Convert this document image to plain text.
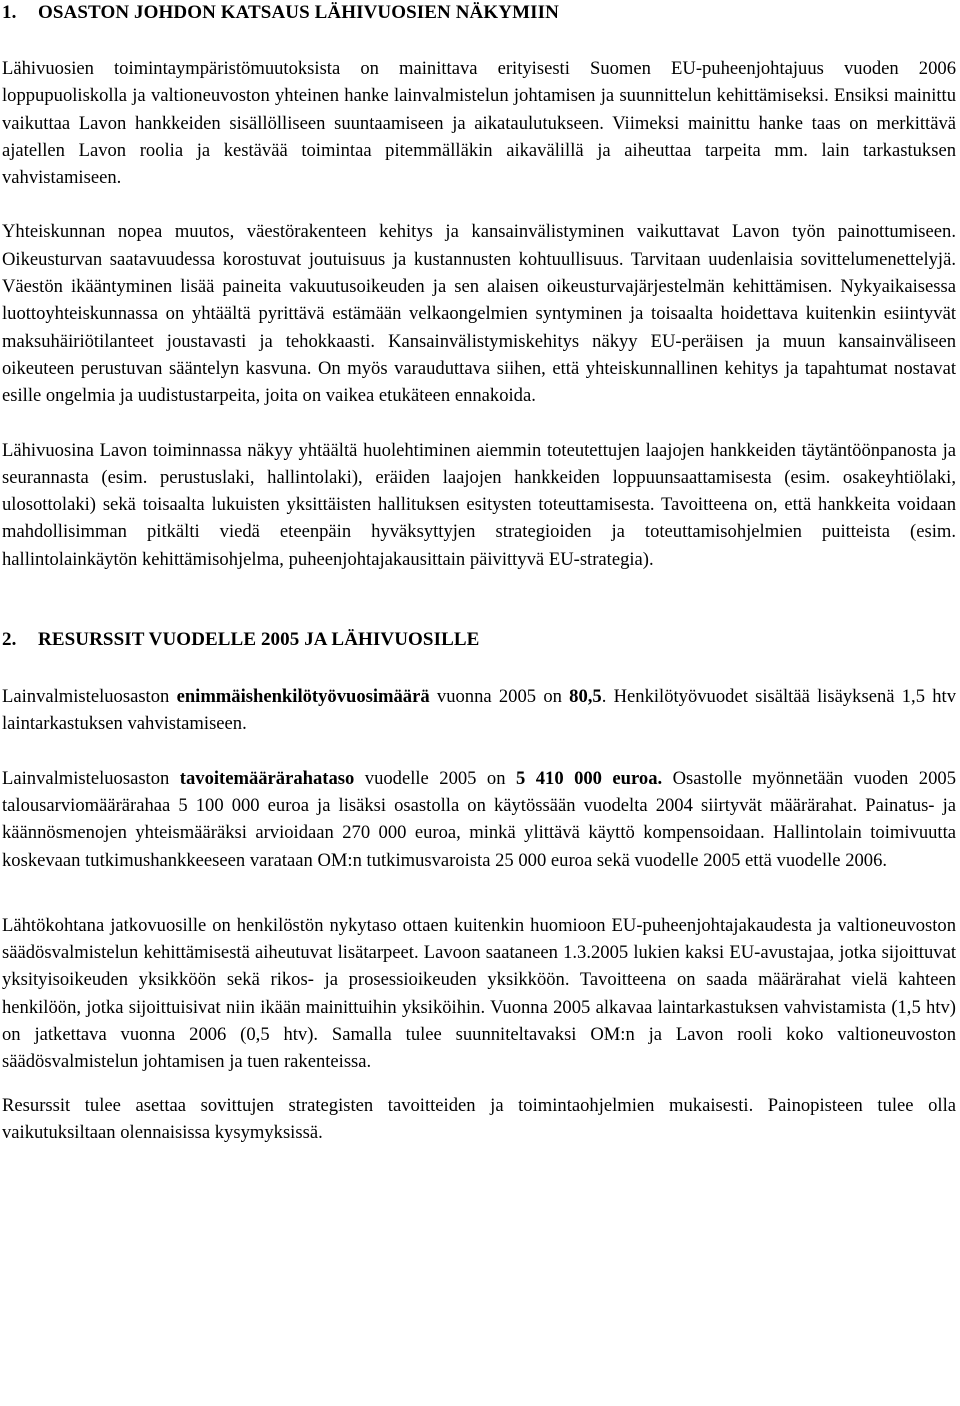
1. OSASTON JOHDON KATSAUS LÄHIVUOSIEN NÄKYMIIN

Lähivuosien toimintaympäristömuutoksista on mainittava erityisesti Suomen EU-puheenjohtajuus vuoden 2006 loppupuoliskolla ja valtioneuvoston yhteinen hanke lainvalmistelun johtamisen ja suunnittelun kehittämiseksi. Ensiksi mainittu vaikuttaa Lavon hankkeiden sisällölliseen suuntaamiseen ja aikataulutukseen. Viimeksi mainittu hanke taas on merkittävä ajatellen Lavon roolia ja kestävää toimintaa pitemmälläkin aikavälillä ja aiheuttaa tarpeita mm. lain tarkastuksen vahvistamiseen.

Yhteiskunnan nopea muutos, väestörakenteen kehitys ja kansainvälistyminen vaikuttavat Lavon työn painottumiseen. Oikeusturvan saatavuudessa korostuvat joutuisuus ja kustannusten kohtuullisuus. Tarvitaan uudenlaisia sovittelumenettelyjä. Väestön ikääntyminen lisää paineita vakuutusoikeuden ja sen alaisen oikeusturvajärjestelmän kehittämisen. Nykyaikaisessa luottoyhteiskunnassa on yhtäältä pyrittävä estämään velkaongelmien syntyminen ja toisaalta hoidettava kuitenkin esiintyvät maksuhäiriötilanteet joustavasti ja tehokkaasti. Kansainvälistymiskehitys näkyy EU-peräisen ja muun kansainväliseen oikeuteen perustuvan sääntelyn kasvuna. On myös varauduttava siihen, että yhteiskunnallinen kehitys ja tapahtumat nostavat esille ongelmia ja uudistustarpeita, joita on vaikea etukäteen ennakoida.

Lähivuosina Lavon toiminnassa näkyy yhtäältä huolehtiminen aiemmin toteutettujen laajojen hankkeiden täytäntöönpanosta ja seurannasta (esim. perustuslaki, hallintolaki), eräiden laajojen hankkeiden loppuunsaattamisesta (esim. osakeyhtiölaki, ulosottolaki) sekä toisaalta lukuisten yksittäisten hallituksen esitysten toteuttamisesta. Tavoitteena on, että hankkeita voidaan mahdollisimman pitkälti viedä eteenpäin hyväksyttyjen strategioiden ja toteuttamisohjelmien puitteista (esim. hallintolainkäytön kehittämisohjelma, puheenjohtajakausittain päivittyvä EU-strategia).

2. RESURSSIT VUODELLE 2005 JA LÄHIVUOSILLE

Lainvalmisteluosaston enimmäishenkilötyövuosimäärä vuonna 2005 on 80,5. Henkilötyövuodet sisältää lisäyksenä 1,5 htv laintarkastuksen vahvistamiseen.

Lainvalmisteluosaston tavoitemäärärahataso vuodelle 2005 on 5 410 000 euroa. Osastolle myönnetään vuoden 2005 talousarviomäärärahaa 5 100 000 euroa ja lisäksi osastolla on käytössään vuodelta 2004 siirtyvät määrärahat. Painatus- ja käännösmenojen yhteismääräksi arvioidaan 270 000 euroa, minkä ylittävä käyttö kompensoidaan. Hallintolain toimivuutta koskevaan tutkimushankkeeseen varataan OM:n tutkimusvaroista 25 000 euroa sekä vuodelle 2005 että vuodelle 2006.

Lähtökohtana jatkovuosille on henkilöstön nykytaso ottaen kuitenkin huomioon EU-puheenjohtajakaudesta ja valtioneuvoston säädösvalmistelun kehittämisestä aiheutuvat lisätarpeet. Lavoon saataneen 1.3.2005 lukien kaksi EU-avustajaa, jotka sijoittuvat yksityisoikeuden yksikköön sekä rikos- ja prosessioikeuden yksikköön. Tavoitteena on saada määrärahat vielä kahteen henkilöön, jotka sijoittuisivat niin ikään mainittuihin yksiköihin. Vuonna 2005 alkavaa laintarkastuksen vahvistamista (1,5 htv) on jatkettava vuonna 2006 (0,5 htv). Samalla tulee suunniteltavaksi OM:n ja Lavon rooli koko valtioneuvoston säädösvalmistelun johtamisen ja tuen rakenteissa.

Resurssit tulee asettaa sovittujen strategisten tavoitteiden ja toimintaohjelmien mukaisesti. Painopisteen tulee olla vaikutuksiltaan olennaisissa kysymyksissä.
